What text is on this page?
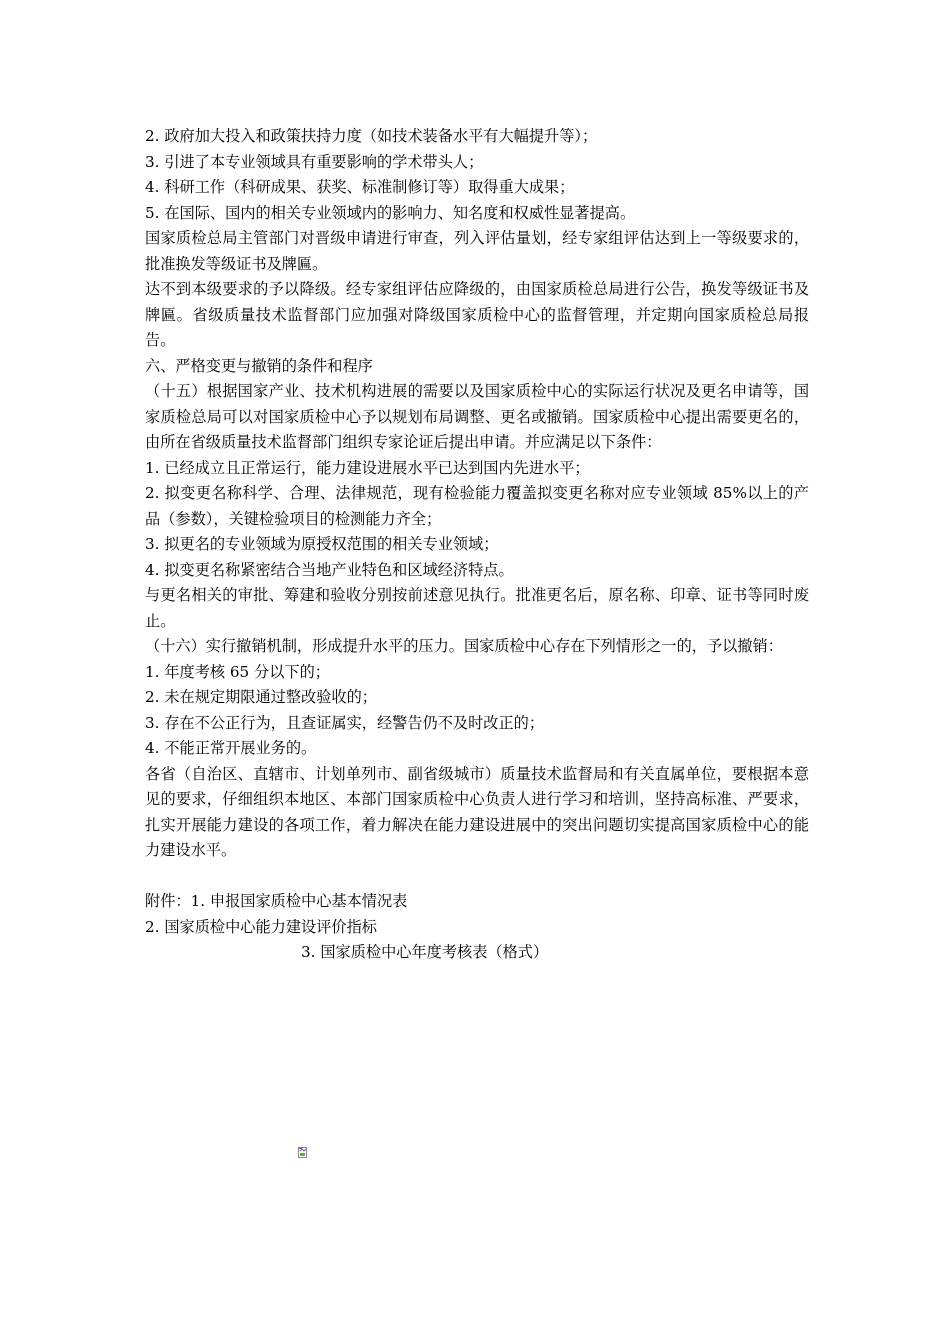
2. 政府加大投入和政策扶持力度（如技术装备水平有大幅提升等）；

3. 引进了本专业领域具有重要影响的学术带头人；

4. 科研工作（科研成果、获奖、标准制修订等）取得重大成果；

5. 在国际、国内的相关专业领域内的影响力、知名度和权威性显著提高。

国家质检总局主管部门对晋级申请进行审查，列入评估量划，经专家组评估达到上一等级要求的，批准换发等级证书及牌匾。

达不到本级要求的予以降级。经专家组评估应降级的，由国家质检总局进行公告，换发等级证书及牌匾。省级质量技术监督部门应加强对降级国家质检中心的监督管理，并定期向国家质检总局报告。

六、严格变更与撤销的条件和程序

（十五）根据国家产业、技术机构进展的需要以及国家质检中心的实际运行状况及更名申请等，国家质检总局可以对国家质检中心予以规划布局调整、更名或撤销。国家质检中心提出需要更名的，由所在省级质量技术监督部门组织专家论证后提出申请。并应满足以下条件：

1. 已经成立且正常运行，能力建设进展水平已达到国内先进水平；

2. 拟变更名称科学、合理、法律规范，现有检验能力覆盖拟变更名称对应专业领域 85%以上的产品（参数），关键检验项目的检测能力齐全；

3. 拟更名的专业领域为原授权范围的相关专业领域；

4. 拟变更名称紧密结合当地产业特色和区域经济特点。

与更名相关的审批、筹建和验收分别按前述意见执行。批准更名后，原名称、印章、证书等同时废止。

（十六）实行撤销机制，形成提升水平的压力。国家质检中心存在下列情形之一的，予以撤销：

1. 年度考核 65 分以下的；

2. 未在规定期限通过整改验收的；

3. 存在不公正行为，且查证属实，经警告仍不及时改正的；

4. 不能正常开展业务的。

各省（自治区、直辖市、计划单列市、副省级城市）质量技术监督局和有关直属单位，要根据本意见的要求，仔细组织本地区、本部门国家质检中心负责人进行学习和培训，坚持高标准、严要求，扎实开展能力建设的各项工作，着力解决在能力建设进展中的突出问题切实提高国家质检中心的能力建设水平。

附件：1. 申报国家质检中心基本情况表

2. 国家质检中心能力建设评价指标

3. 国家质检中心年度考核表（格式）
